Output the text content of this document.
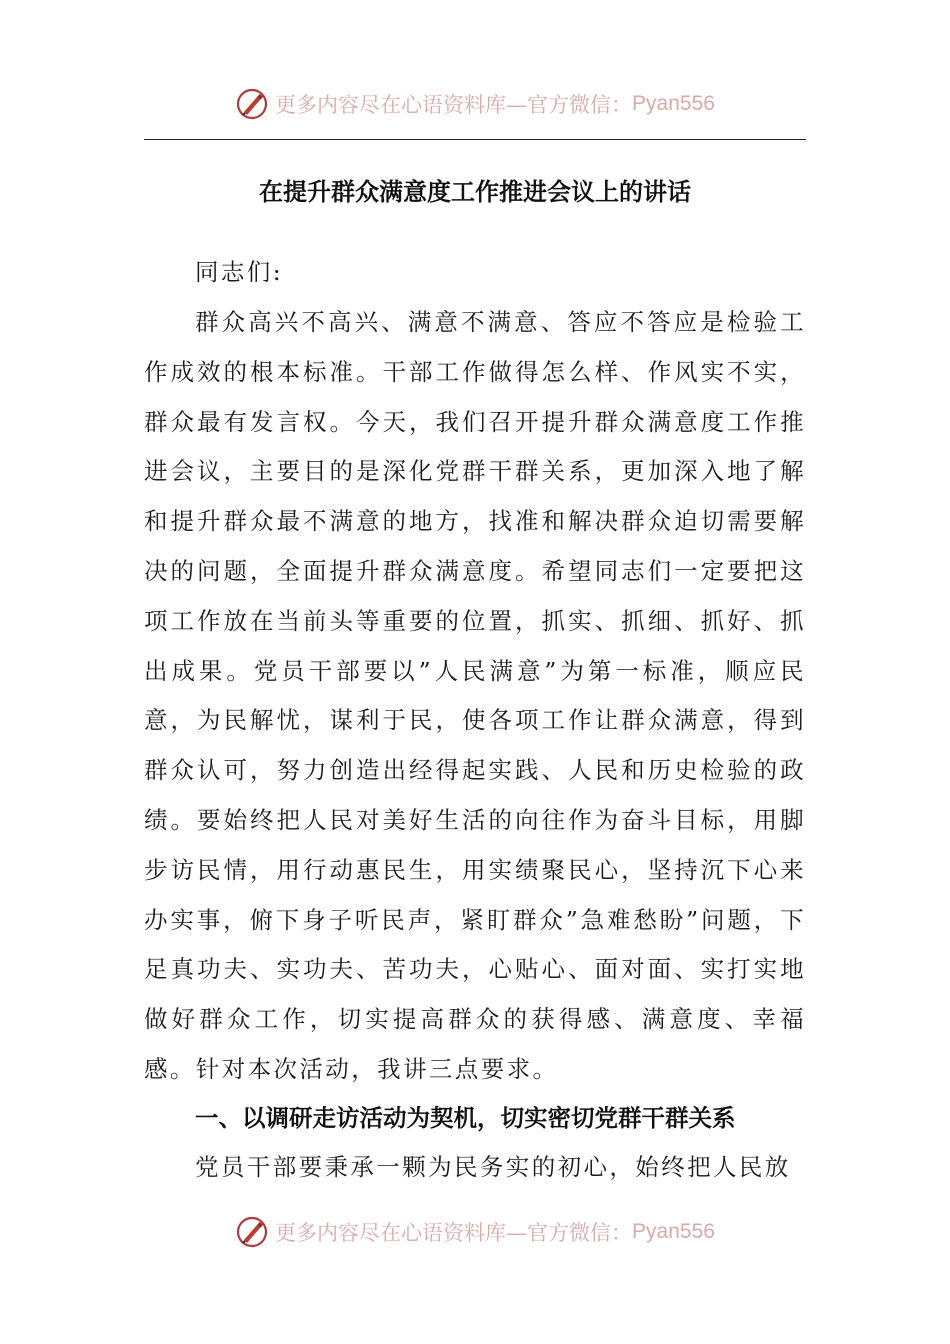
更多内容尽在心语资料库—官方微信： Pyan556
在提升群众满意度工作推进会议上的讲话
同志们:
群众高兴不高兴、满意不满意、答应不答应是检验工作成效的根本标准。干部工作做得怎么样、作风实不实，群众最有发言权。今天，我们召开提升群众满意度工作推进会议，主要目的是深化党群干群关系，更加深入地了解和提升群众最不满意的地方，找准和解决群众迫切需要解决的问题，全面提升群众满意度。希望同志们一定要把这项工作放在当前头等重要的位置，抓实、抓细、抓好、抓出成果。党员干部要以”人民满意”为第一标准，顺应民意，为民解忧，谋利于民，使各项工作让群众满意，得到群众认可，努力创造出经得起实践、人民和历史检验的政绩。要始终把人民对美好生活的向往作为奋斗目标，用脚步访民情，用行动惠民生，用实绩聚民心，坚持沉下心来办实事，俯下身子听民声，紧盯群众”急难愁盼”问题，下足真功夫、实功夫、苦功夫，心贴心、面对面、实打实地做好群众工作，切实提高群众的获得感、满意度、幸福感。针对本次活动，我讲三点要求。
一、以调研走访活动为契机，切实密切党群干群关系
党员干部要秉承一颗为民务实的初心，始终把人民放
更多内容尽在心语资料库—官方微信： Pyan556
